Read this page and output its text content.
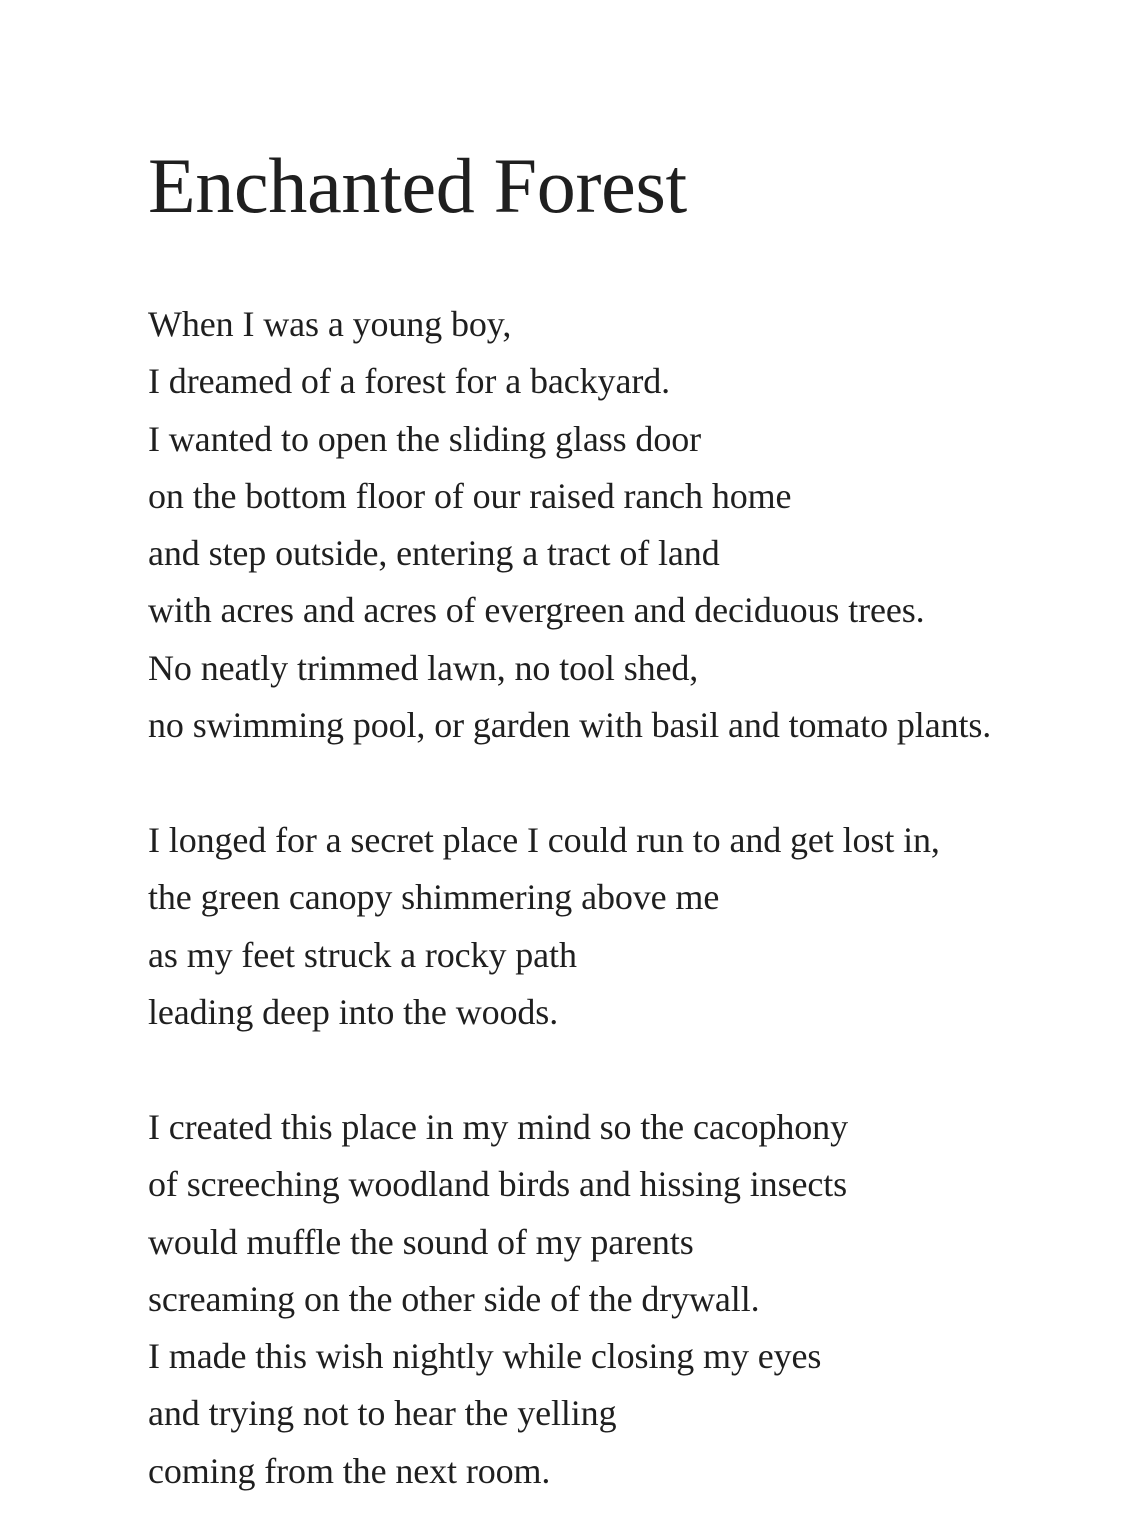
Enchanted Forest
When I was a young boy,
I dreamed of a forest for a backyard.
I wanted to open the sliding glass door
on the bottom floor of our raised ranch home
and step outside, entering a tract of land
with acres and acres of evergreen and deciduous trees.
No neatly trimmed lawn, no tool shed,
no swimming pool, or garden with basil and tomato plants.
I longed for a secret place I could run to and get lost in,
the green canopy shimmering above me
as my feet struck a rocky path
leading deep into the woods.
I created this place in my mind so the cacophony
of screeching woodland birds and hissing insects
would muffle the sound of my parents
screaming on the other side of the drywall.
I made this wish nightly while closing my eyes
and trying not to hear the yelling
coming from the next room.
